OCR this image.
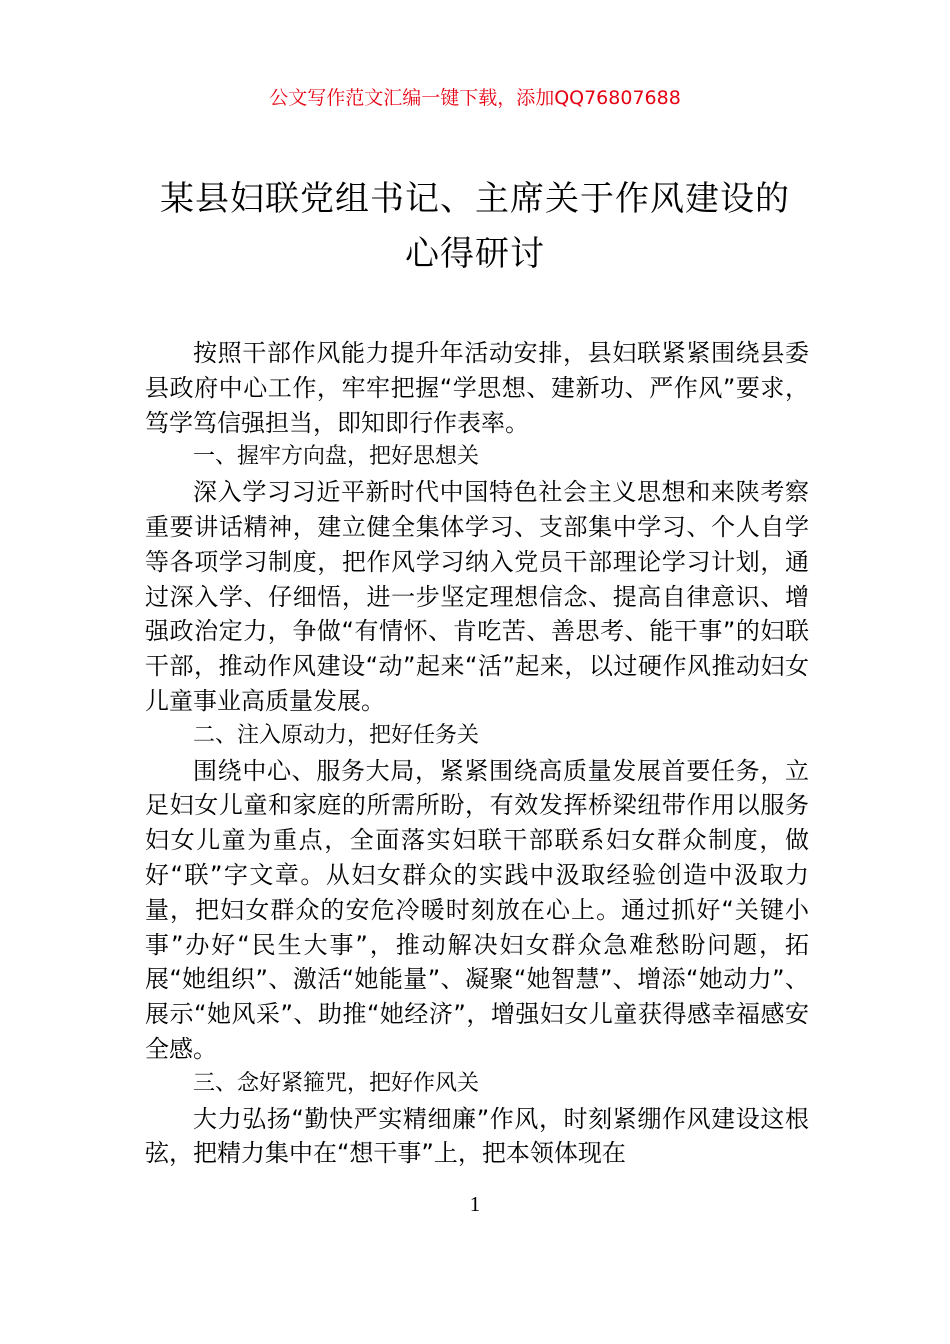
公文写作范文汇编一键下载，添加QQ76807688
某县妇联党组书记、主席关于作风建设的
心得研讨

按照干部作风能力提升年活动安排，县妇联紧紧围绕县委县政府中心工作，牢牢把握“学思想、建新功、严作风”要求，笃学笃信强担当，即知即行作表率。

一、握牢方向盘，把好思想关

深入学习习近平新时代中国特色社会主义思想和来陕考察重要讲话精神，建立健全集体学习、支部集中学习、个人自学等各项学习制度，把作风学习纳入党员干部理论学习计划，通过深入学、仔细悟，进一步坚定理想信念、提高自律意识、增强政治定力，争做“有情怀、肯吃苦、善思考、能干事”的妇联干部，推动作风建设“动”起来“活”起来，以过硬作风推动妇女儿童事业高质量发展。

二、注入原动力，把好任务关

围绕中心、服务大局，紧紧围绕高质量发展首要任务，立足妇女儿童和家庭的所需所盼，有效发挥桥梁纽带作用以服务妇女儿童为重点，全面落实妇联干部联系妇女群众制度，做好“联”字文章。从妇女群众的实践中汲取经验创造中汲取力量，把妇女群众的安危冷暖时刻放在心上。通过抓好“关键小事”办好“民生大事”，推动解决妇女群众急难愁盼问题，拓展“她组织”、激活“她能量”、凝聚“她智慧”、增添“她动力”、展示“她风采”、助推“她经济”，增强妇女儿童获得感幸福感安全感。

三、念好紧箍咒，把好作风关

大力弘扬“勤快严实精细廉”作风，时刻紧绷作风建设这根弦，把精力集中在“想干事”上，把本领体现在

1
